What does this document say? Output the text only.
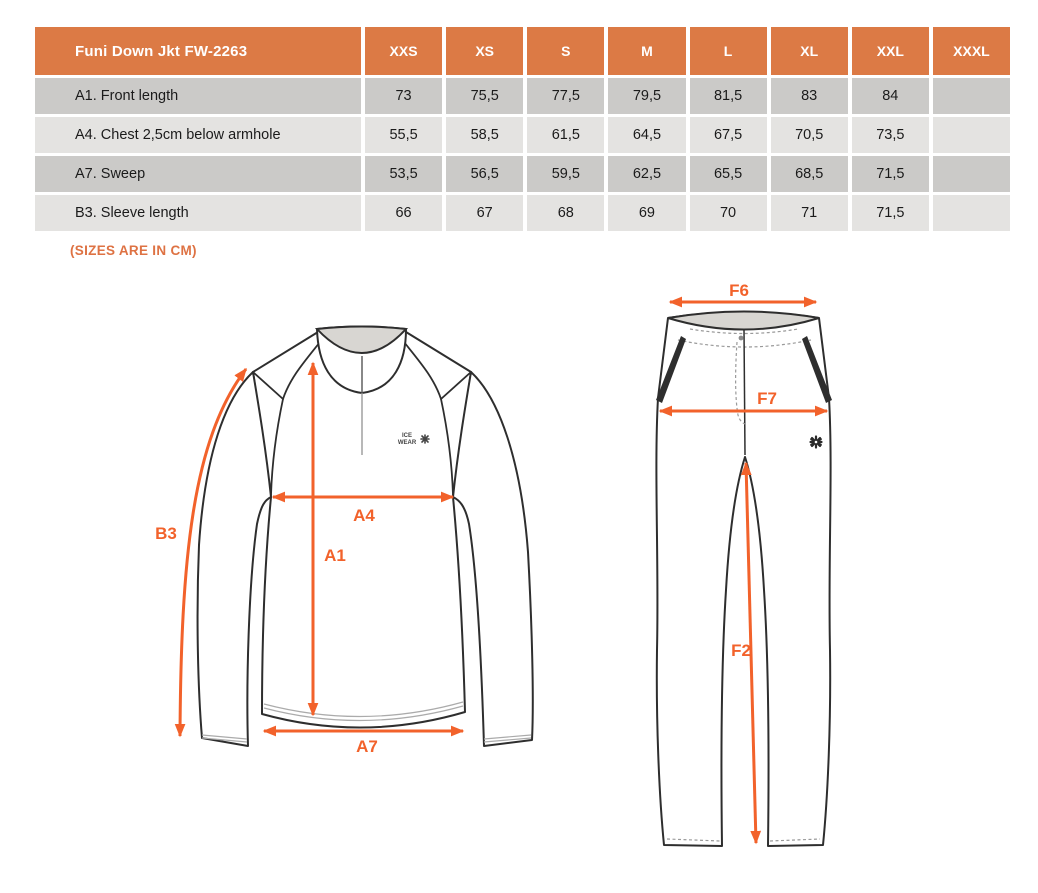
Funi Down Jkt FW-2263	XXS	XS	S	M	L	XL	XXL	XXXL
A1. Front length	73	75,5	77,5	79,5	81,5	83	84
A4. Chest 2,5cm below armhole	55,5	58,5	61,5	64,5	67,5	70,5	73,5
A7. Sweep	53,5	56,5	59,5	62,5	65,5	68,5	71,5
B3. Sleeve length	66	67	68	69	70	71	71,5
(SIZES ARE IN CM)
ICE
WEAR
B3
A1
A4
A7
F6
F7
F2
